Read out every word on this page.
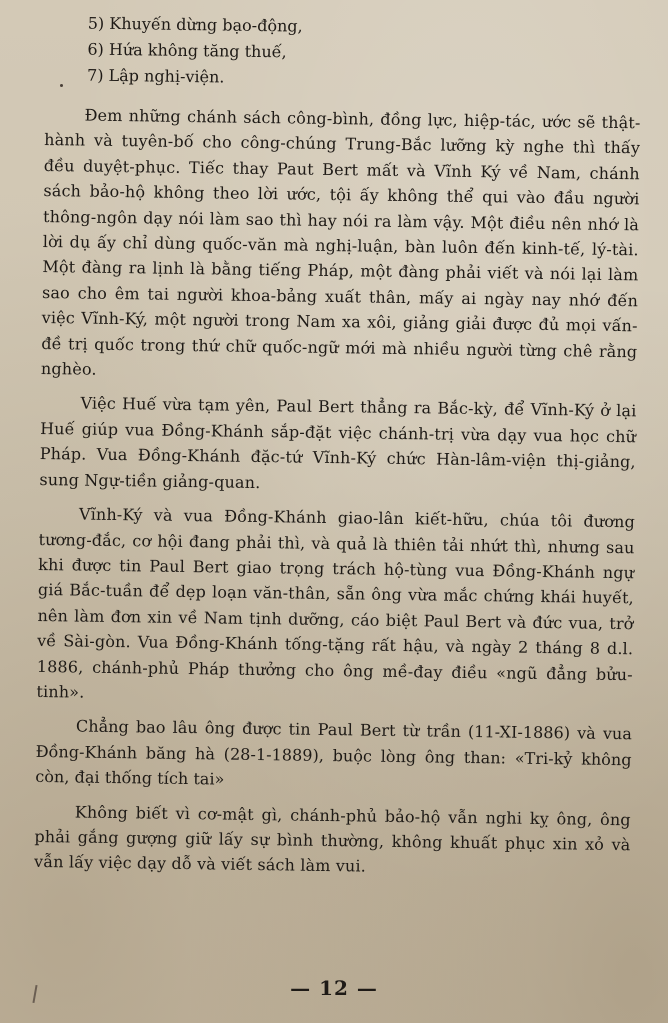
5) Khuyến dừng bạo-động,
6) Hứa không tăng thuế,
7) Lập nghị-viện.

Đem những chánh sách công-bình, đồng lực, hiệp-tác, ước sẽ thật-hành và tuyên-bố cho công-chúng Trung-Bắc lưỡng kỳ nghe thì thấy đều duyệt-phục. Tiếc thay Paut Bert mất và Vĩnh Ký về Nam, chánh sách bảo-hộ không theo lời ước, tội ấy không thể qui vào đầu người thông-ngôn dạy nói làm sao thì hay nói ra làm vậy. Một điều nên nhớ là lời dụ ấy chỉ dùng quốc-văn mà nghị-luận, bàn luôn đến kinh-tế, lý-tài. Một đàng ra lịnh là bằng tiếng Pháp, một đàng phải viết và nói lại làm sao cho êm tai người khoa-bảng xuất thân, mấy ai ngày nay nhớ đến việc Vĩnh-Ký, một người trong Nam xa xôi, giảng giải được đủ mọi vấn-đề trị quốc trong thứ chữ quốc-ngữ mới mà nhiều người từng chê rằng nghèo.

Việc Huế vừa tạm yên, Paul Bert thẳng ra Bắc-kỳ, để Vĩnh-Ký ở lại Huế giúp vua Đồng-Khánh sắp-đặt việc chánh-trị vừa dạy vua học chữ Pháp. Vua Đồng-Khánh đặc-tứ Vĩnh-Ký chức Hàn-lâm-viện thị-giảng, sung Ngự-tiền giảng-quan.

Vĩnh-Ký và vua Đồng-Khánh giao-lân kiết-hữu, chúa tôi đương tương-đắc, cơ hội đang phải thì, và quả là thiên tải nhứt thì, nhưng sau khi được tin Paul Bert giao trọng trách hộ-tùng vua Đồng-Khánh ngự giá Bắc-tuần để dẹp loạn văn-thân, sẵn ông vừa mắc chứng khái huyết, nên làm đơn xin về Nam tịnh dưỡng, cáo biệt Paul Bert và đức vua, trở về Sài-gòn. Vua Đồng-Khánh tống-tặng rất hậu, và ngày 2 tháng 8 d.l. 1886, chánh-phủ Pháp thưởng cho ông mề-đay điều «ngũ đẳng bửu-tinh».

Chẳng bao lâu ông được tin Paul Bert từ trần (11-XI-1886) và vua Đồng-Khánh băng hà (28-1-1889), buộc lòng ông than: «Tri-kỷ không còn, đại thống tích tai»

Không biết vì cơ-mật gì, chánh-phủ bảo-hộ vẫn nghi kỵ ông, ông phải gắng gượng giữ lấy sự bình thường, không khuất phục xin xỏ và vẫn lấy việc dạy dỗ và viết sách làm vui.

— 12 —
